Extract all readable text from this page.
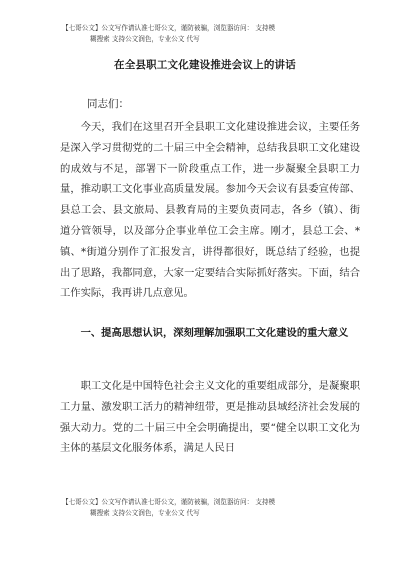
【七哥公文】公文写作请认准七哥公文，谨防被骗，浏览器访问： 支持模
糊搜索 支持公文润色，专业公文 代写
在全县职工文化建设推进会议上的讲话
同志们：

今天，我们在这里召开全县职工文化建设推进会议，主要任务是深入学习贯彻党的二十届三中全会精神，总结我县职工文化建设的成效与不足，部署下一阶段重点工作，进一步凝聚全县职工力量，推动职工文化事业高质量发展。参加今天会议有县委宣传部、县总工会、县文旅局、县教育局的主要负责同志，各乡（镇）、街道分管领导，以及部分企事业单位工会主席。刚才，县总工会、*镇、*街道分别作了汇报发言，讲得都很好，既总结了经验，也提出了思路，我都同意，大家一定要结合实际抓好落实。下面，结合工作实际，我再讲几点意见。

一、提高思想认识，深刻理解加强职工文化建设的重大意义

职工文化是中国特色社会主义文化的重要组成部分，是凝聚职工力量、激发职工活力的精神纽带，更是推动县域经济社会发展的强大动力。党的二十届三中全会明确提出，要“健全以职工文化为主体的基层文化服务体系，满足人民日

【七哥公文】公文写作请认准七哥公文，谨防被骗，浏览器访问： 支持模
糊搜索 支持公文润色，专业公文 代写
